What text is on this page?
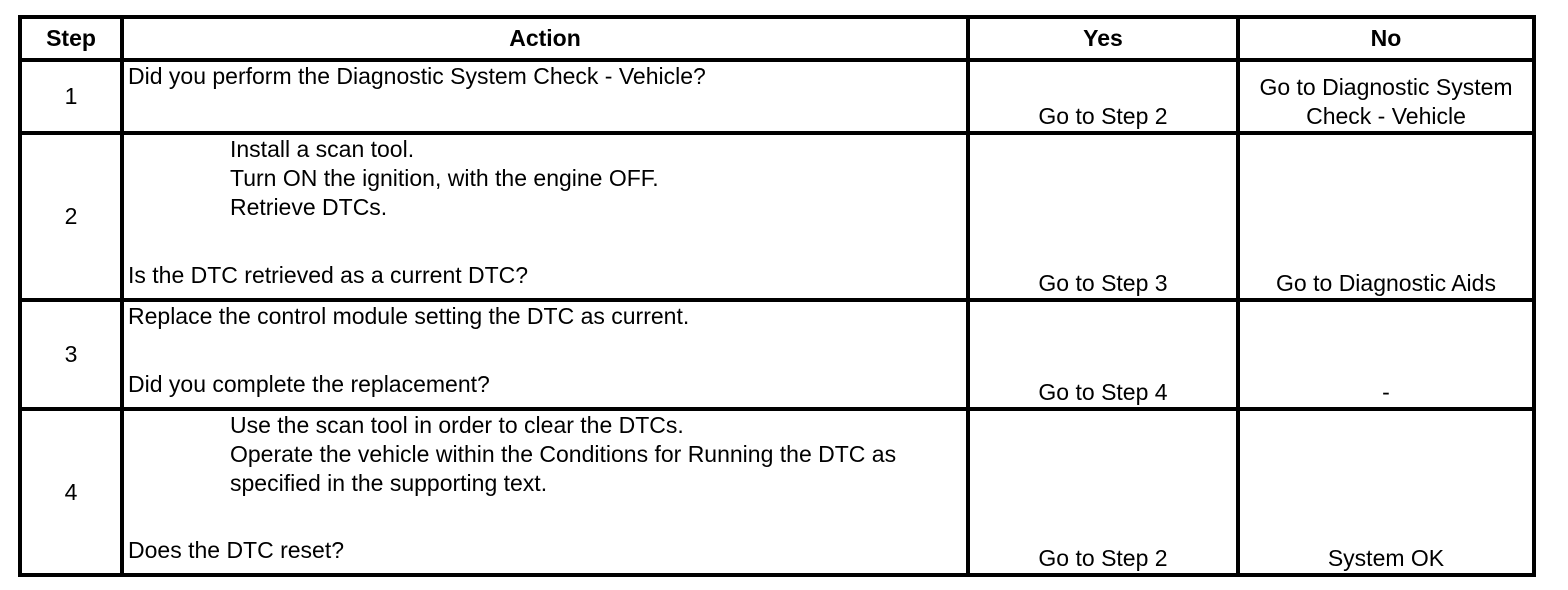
Step	Action	Yes	No
1	Did you perform the Diagnostic System Check - Vehicle?	Go to Step 2	Go to Diagnostic System
Check - Vehicle

2	Install a scan tool.
Turn ON the ignition, with the engine OFF.
Retrieve DTCs.
Is the DTC retrieved as a current DTC?	Go to Step 3	Go to Diagnostic Aids
3	Replace the control module setting the DTC as current.
Did you complete the replacement?	Go to Step 4	-
4	Use the scan tool in order to clear the DTCs.
Operate the vehicle within the Conditions for Running the DTC as
specified in the supporting text.
Does the DTC reset?	Go to Step 2	System OK
